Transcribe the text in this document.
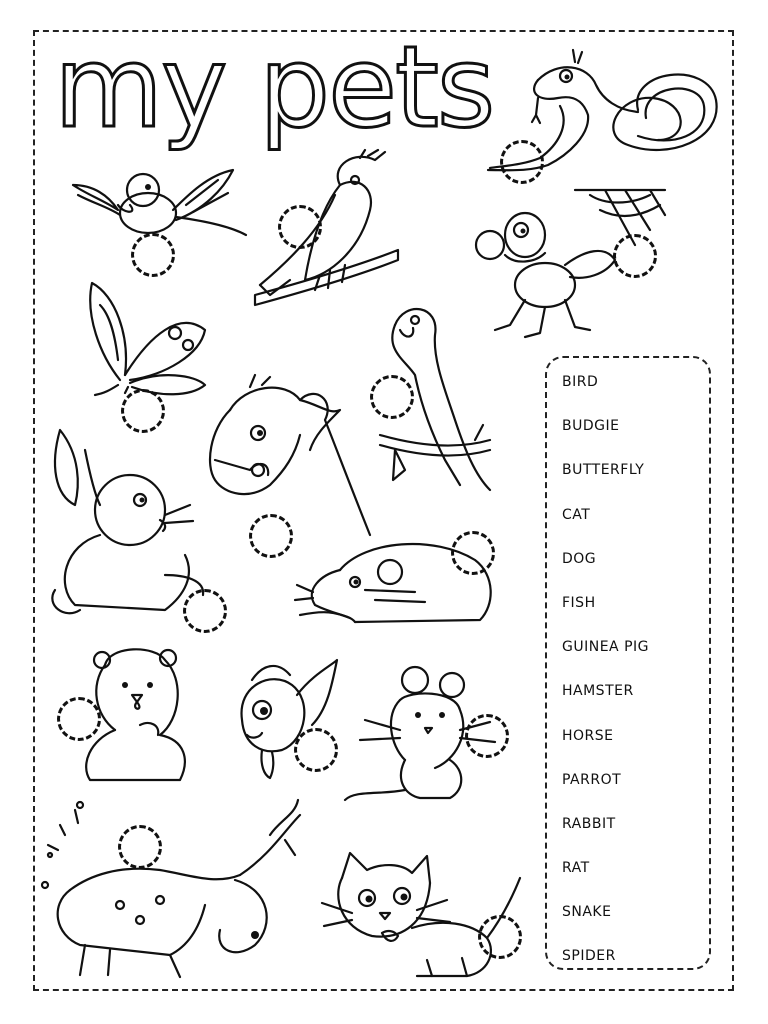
my pets
BIRD
BUDGIE
BUTTERFLY
CAT
DOG
FISH
GUINEA PIG
HAMSTER
HORSE
PARROT
RABBIT
RAT
SNAKE
SPIDER
